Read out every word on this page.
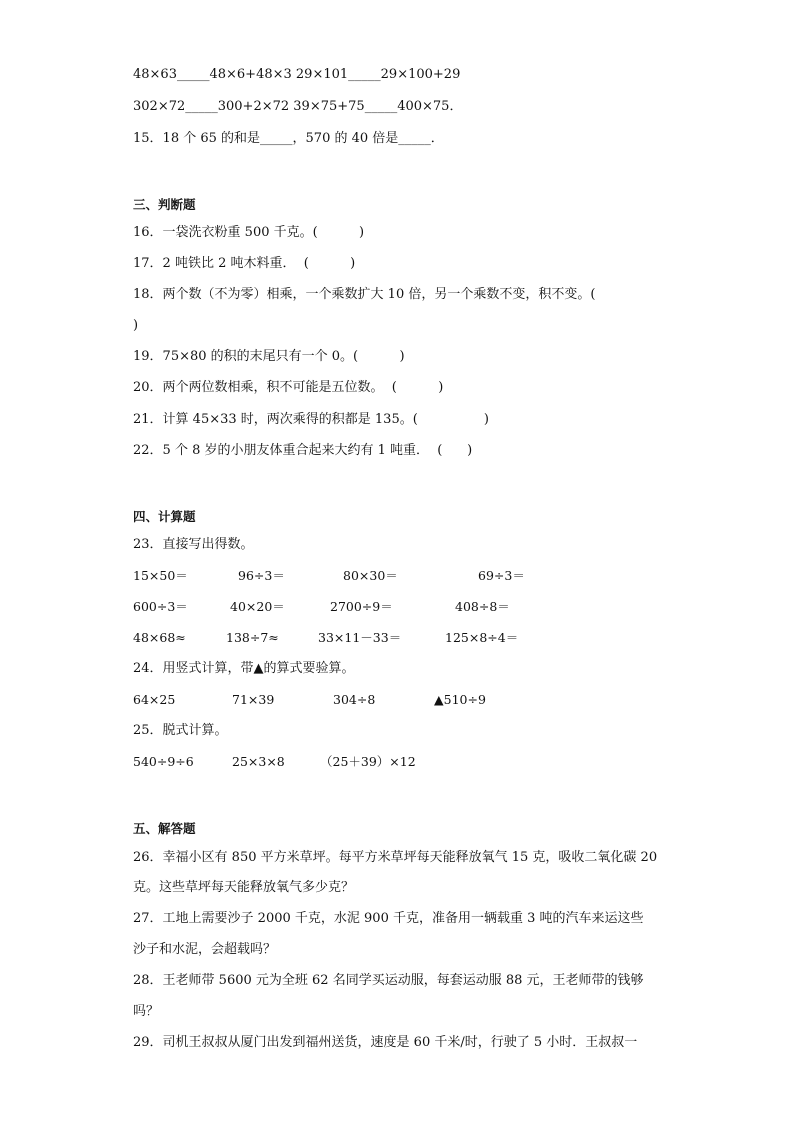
48×63_____48×6+48×3 29×101_____29×100+29
302×72_____300+2×72 39×75+75_____400×75．
15．18 个 65 的和是_____，570 的 40 倍是_____．
三、判断题
16．一袋洗衣粉重 500 千克。(          )
17．2 吨铁比 2 吨木料重．  (          )
18．两个数（不为零）相乘，一个乘数扩大 10 倍，另一个乘数不变，积不变。(
)
19．75×80 的积的末尾只有一个 0。(          )
20．两个两位数相乘，积不可能是五位数。  (          )
21．计算 45×33 时，两次乘得的积都是 135。(                )
22．5 个 8 岁的小朋友体重合起来大约有 1 吨重．  (      )
四、计算题
23．直接写出得数。
15×50＝	96÷3＝	80×30＝	69÷3＝
600÷3＝	40×20＝	2700÷9＝	408÷8＝
48×68≈	138÷7≈	33×11－33＝	125×8÷4＝
24．用竖式计算，带▲的算式要验算。
64×25	71×39	304÷8	▲510÷9
25．脱式计算。
540÷9÷6	25×3×8	（25＋39）×12
五、解答题
26．幸福小区有 850 平方米草坪。每平方米草坪每天能释放氧气 15 克，吸收二氧化碳 20
克。这些草坪每天能释放氧气多少克？
27．工地上需要沙子 2000 千克，水泥 900 千克，准备用一辆载重 3 吨的汽车来运这些
沙子和水泥，会超载吗？
28．王老师带 5600 元为全班 62 名同学买运动服，每套运动服 88 元，王老师带的钱够
吗？
29．司机王叔叔从厦门出发到福州送货，速度是 60 千米/时，行驶了 5 小时．王叔叔一
